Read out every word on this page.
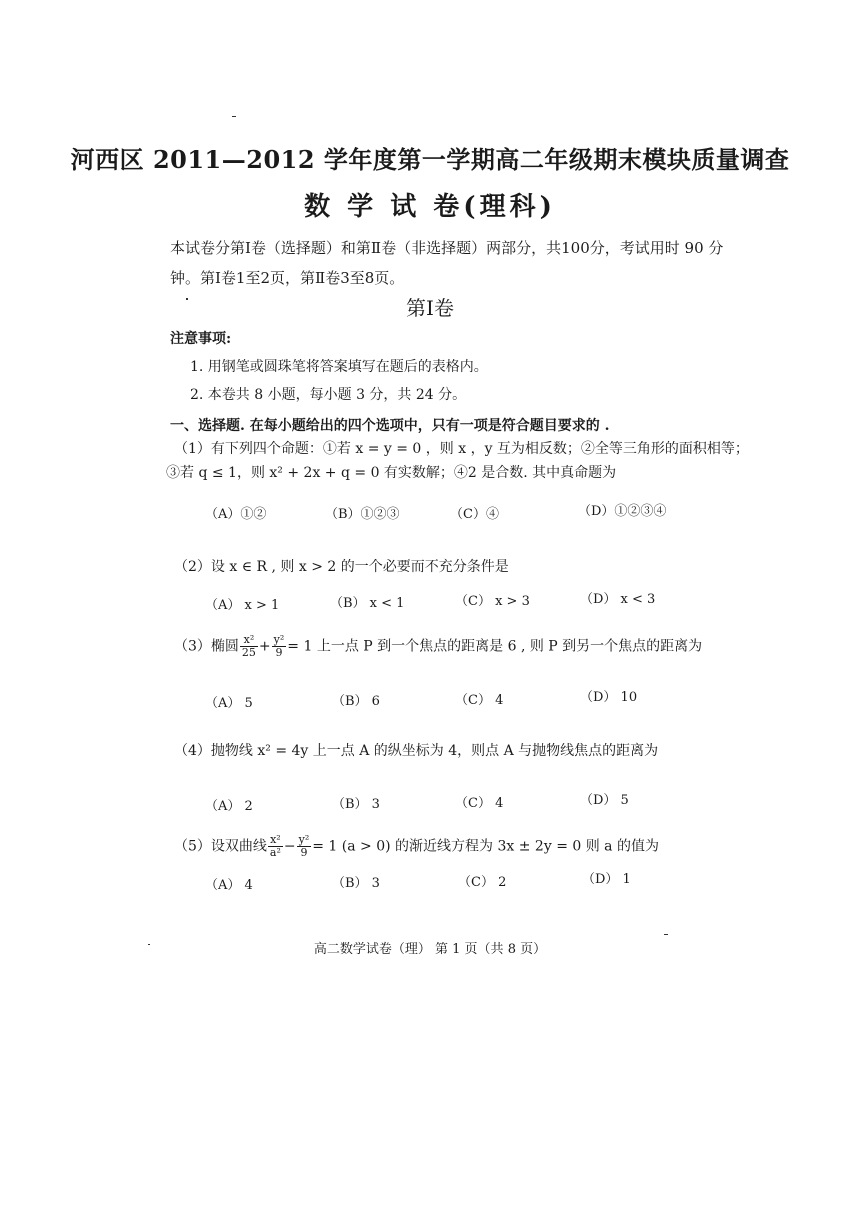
河西区 2011—2012 学年度第一学期高二年级期末模块质量调查
数 学 试 卷(理科)
本试卷分第Ⅰ卷（选择题）和第Ⅱ卷（非选择题）两部分，共100分，考试用时 90 分
钟。第Ⅰ卷1至2页，第Ⅱ卷3至8页。
第Ⅰ卷
注意事项:
1. 用钢笔或圆珠笔将答案填写在题后的表格内。
2. 本卷共 8 小题，每小题 3 分，共 24 分。
一、选择题. 在每小题给出的四个选项中，只有一项是符合题目要求的 .
（1）有下列四个命题：①若 x = y = 0 ，则 x ，y 互为相反数；②全等三角形的面积相等；
③若 q ≤ 1，则 x² + 2x + q = 0 有实数解；④2 是合数. 其中真命题为
（A）①②	（B）①②③	（C）④	（D）①②③④
（2）设 x ∈ R , 则 x > 2 的一个必要而不充分条件是
（A） x > 1	（B） x < 1	（C） x > 3	（D） x < 3
（3）椭圆 $\frac{\text{x²}}{25} + \frac{\text{y²}}{9} = 1$ 上一点 P 到一个焦点的距离是 6 , 则 P 到另一个焦点的距离为
（A） 5	（B） 6	（C） 4	（D） 10
（4）抛物线 x² = 4y 上一点 A 的纵坐标为 4，则点 A 与抛物线焦点的距离为
（A） 2	（B） 3	（C） 4	（D） 5
（5）设双曲线 $\frac{\text{x²}}{\text{a²}} - \frac{\text{y²}}{9} = 1$ (a > 0) 的渐近线方程为 3x ± 2y = 0 则 a 的值为
（A） 4	（B） 3	（C） 2	（D） 1
高二数学试卷（理） 第 1 页（共 8 页）
